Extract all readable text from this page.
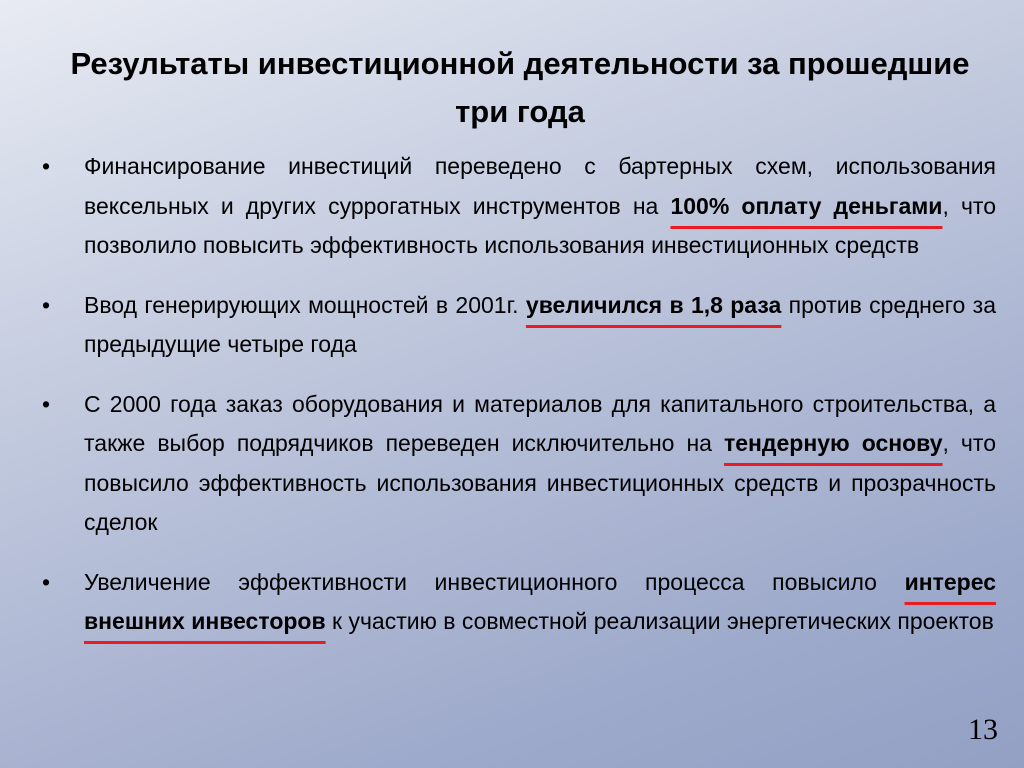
Результаты инвестиционной деятельности за прошедшие три года
• Финансирование инвестиций переведено с бартерных схем, использования вексельных и других суррогатных инструментов на 100% оплату деньгами, что позволило повысить эффективность использования инвестиционных средств
• Ввод генерирующих мощностей в 2001г. увеличился в 1,8 раза против среднего за предыдущие четыре года
• С 2000 года заказ оборудования и материалов для капитального строительства, а также выбор подрядчиков переведен исключительно на тендерную основу, что повысило эффективность использования инвестиционных средств и прозрачность сделок
• Увеличение эффективности инвестиционного процесса повысило интерес внешних инвесторов к участию в совместной реализации энергетических проектов
13
